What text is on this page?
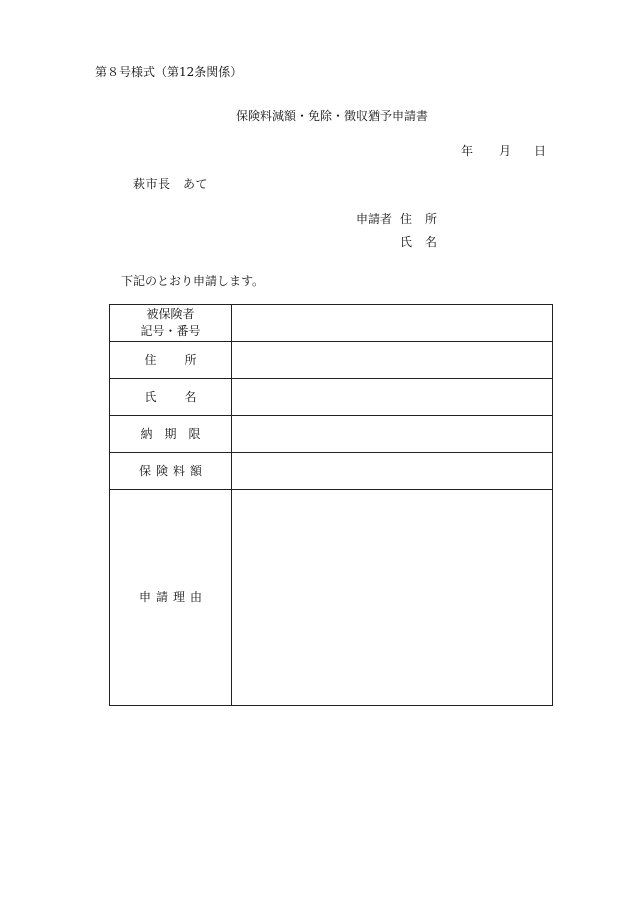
第８号様式（第12条関係）
保険料減額・免除・徴収猶予申請書
年 月 日
萩市長　あて
申請者 住所
氏名
下記のとおり申請します。
被保険者
記号・番号	

住所	
氏名	
納期限	
保険料額	
申請理由	
